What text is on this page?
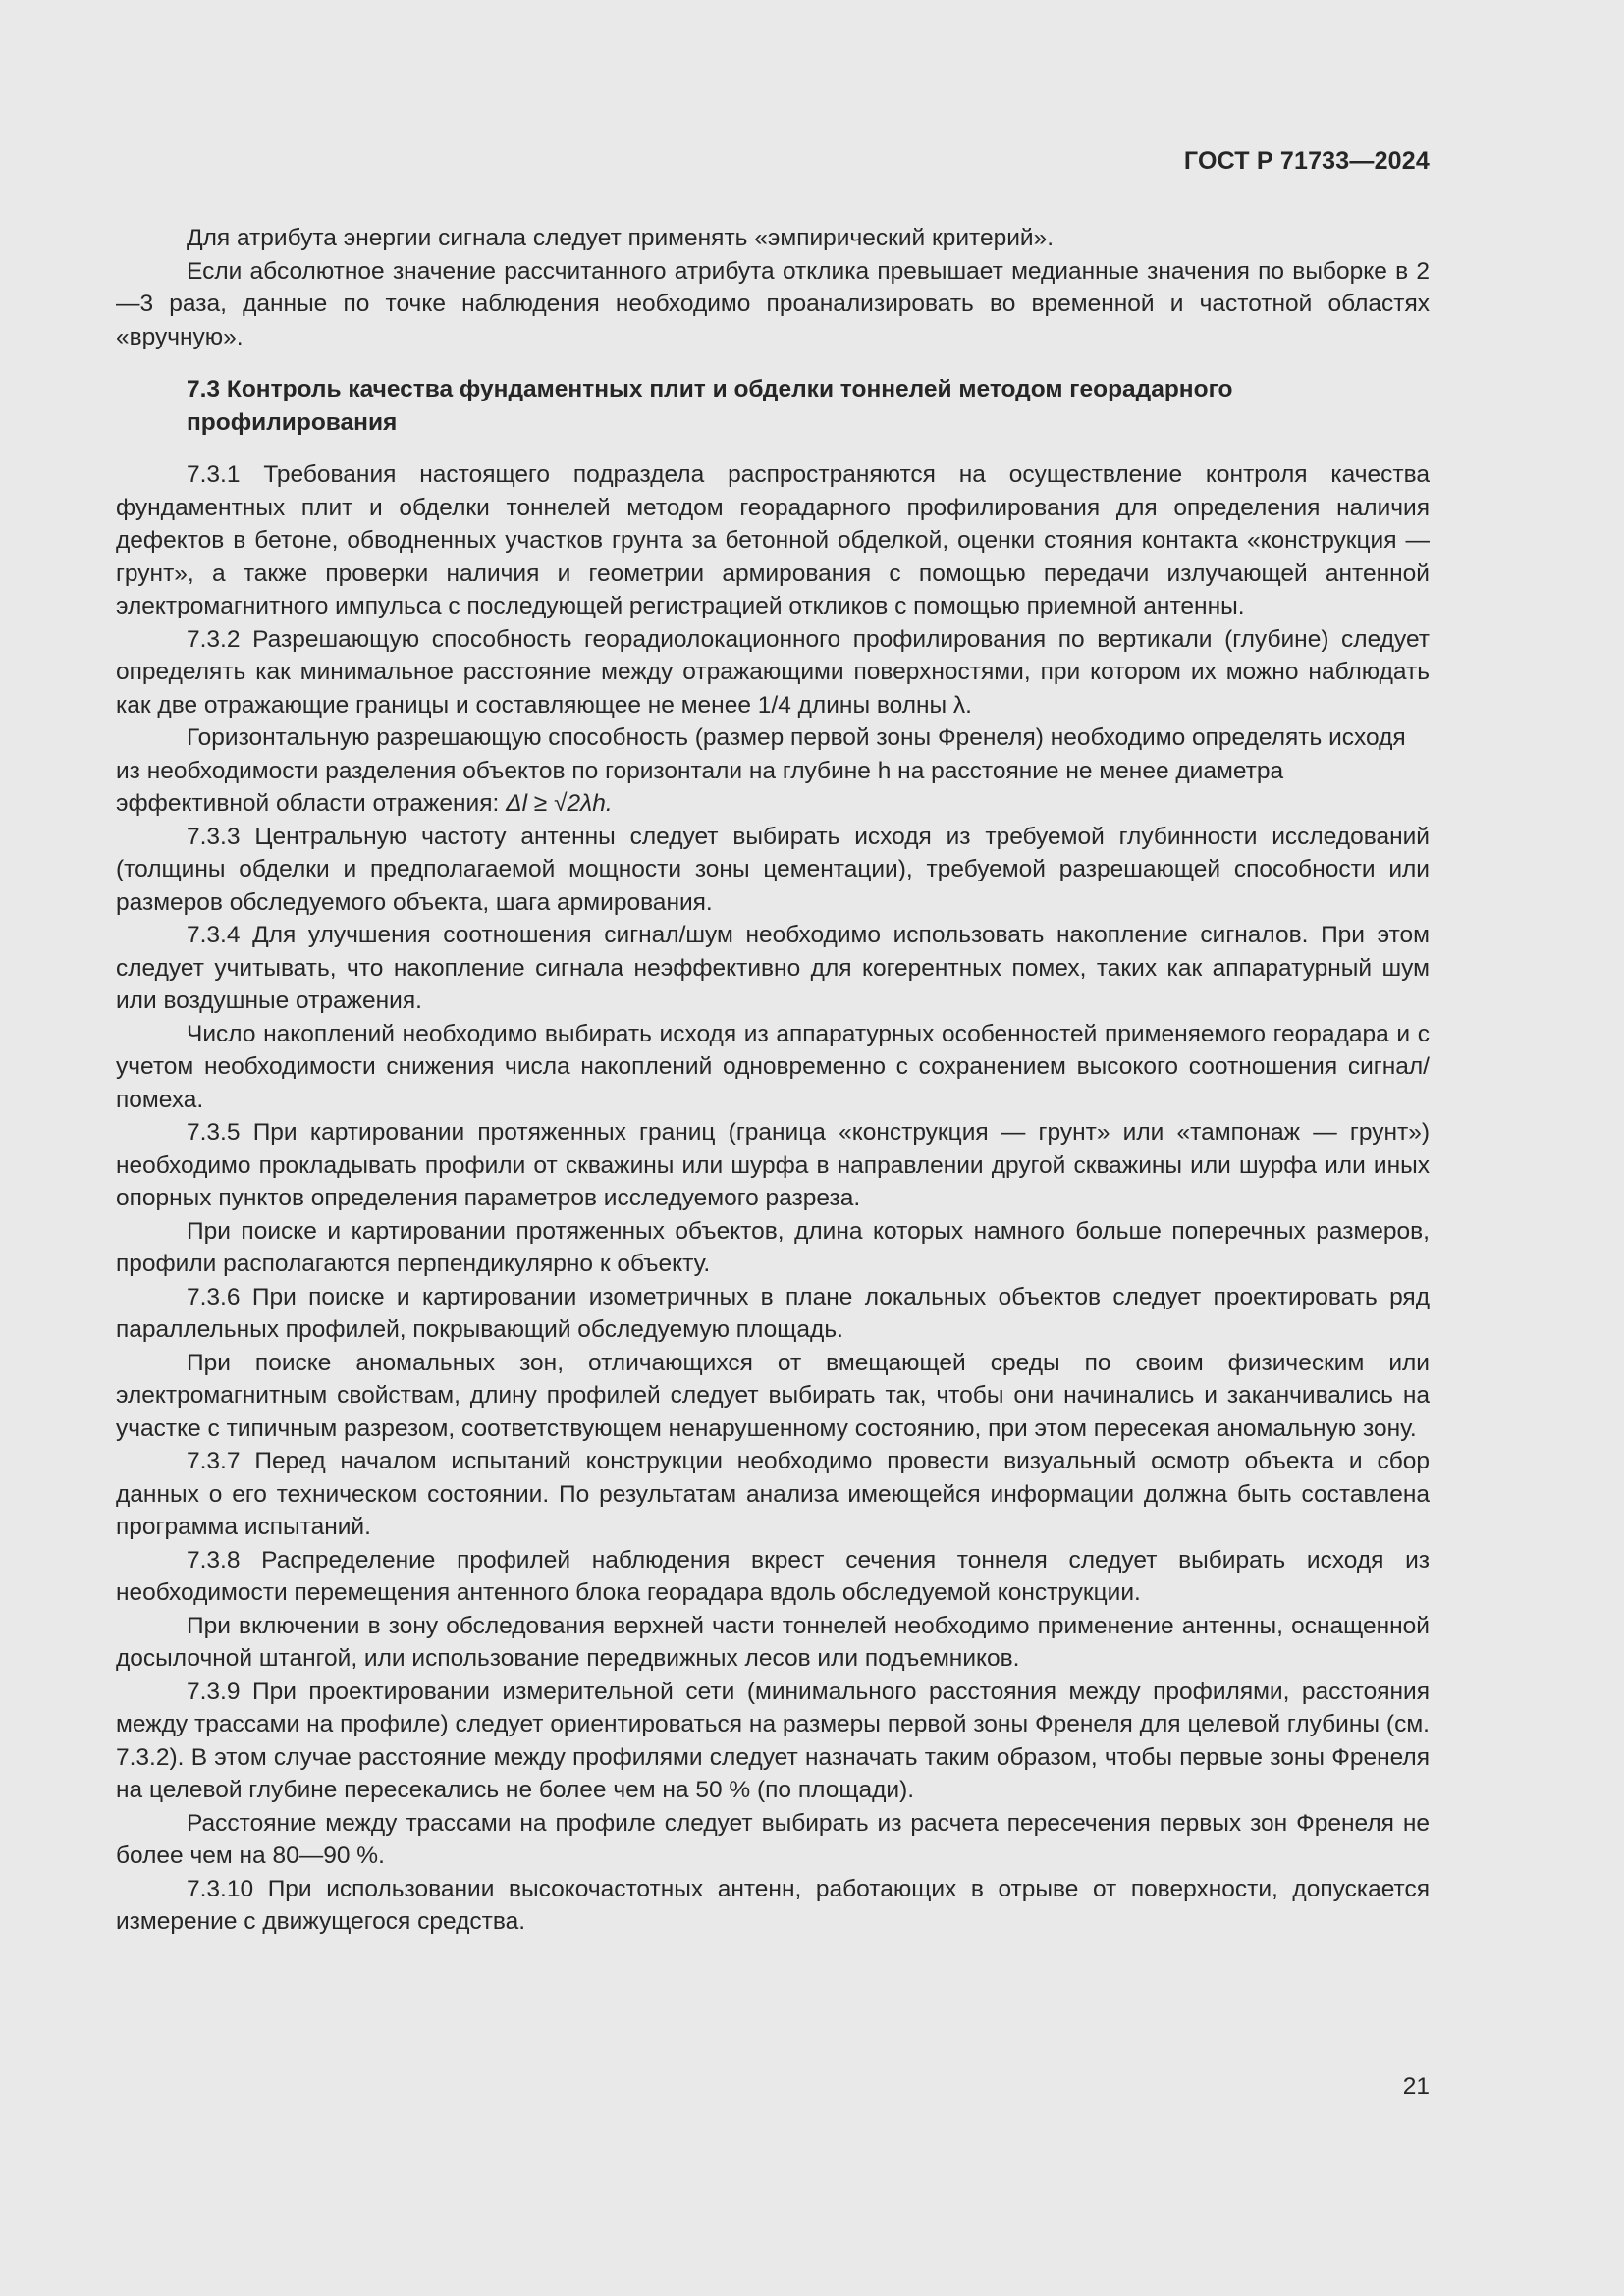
ГОСТ Р 71733—2024

Для атрибута энергии сигнала следует применять «эмпирический критерий».

Если абсолютное значение рассчитанного атрибута отклика превышает медианные значения по выборке в 2—3 раза, данные по точке наблюдения необходимо проанализировать во временной и частотной областях «вручную».

7.3 Контроль качества фундаментных плит и обделки тоннелей методом георадарного профилирования

7.3.1 Требования настоящего подраздела распространяются на осуществление контроля качества фундаментных плит и обделки тоннелей методом георадарного профилирования для определения наличия дефектов в бетоне, обводненных участков грунта за бетонной обделкой, оценки стояния контакта «конструкция — грунт», а также проверки наличия и геометрии армирования с помощью передачи излучающей антенной электромагнитного импульса с последующей регистрацией откликов с помощью приемной антенны.

7.3.2 Разрешающую способность георадиолокационного профилирования по вертикали (глубине) следует определять как минимальное расстояние между отражающими поверхностями, при котором их можно наблюдать как две отражающие границы и составляющее не менее 1/4 длины волны λ.

Горизонтальную разрешающую способность (размер первой зоны Френеля) необходимо определять исходя из необходимости разделения объектов по горизонтали на глубине h на расстояние не менее диаметра эффективной области отражения: Δl ≥ √2λh.

7.3.3 Центральную частоту антенны следует выбирать исходя из требуемой глубинности исследований (толщины обделки и предполагаемой мощности зоны цементации), требуемой разрешающей способности или размеров обследуемого объекта, шага армирования.

7.3.4 Для улучшения соотношения сигнал/шум необходимо использовать накопление сигналов. При этом следует учитывать, что накопление сигнала неэффективно для когерентных помех, таких как аппаратурный шум или воздушные отражения.

Число накоплений необходимо выбирать исходя из аппаратурных особенностей применяемого георадара и с учетом необходимости снижения числа накоплений одновременно с сохранением высокого соотношения сигнал/помеха.

7.3.5 При картировании протяженных границ (граница «конструкция — грунт» или «тампонаж — грунт») необходимо прокладывать профили от скважины или шурфа в направлении другой скважины или шурфа или иных опорных пунктов определения параметров исследуемого разреза.

При поиске и картировании протяженных объектов, длина которых намного больше поперечных размеров, профили располагаются перпендикулярно к объекту.

7.3.6 При поиске и картировании изометричных в плане локальных объектов следует проектировать ряд параллельных профилей, покрывающий обследуемую площадь.

При поиске аномальных зон, отличающихся от вмещающей среды по своим физическим или электромагнитным свойствам, длину профилей следует выбирать так, чтобы они начинались и заканчивались на участке с типичным разрезом, соответствующем ненарушенному состоянию, при этом пересекая аномальную зону.

7.3.7 Перед началом испытаний конструкции необходимо провести визуальный осмотр объекта и сбор данных о его техническом состоянии. По результатам анализа имеющейся информации должна быть составлена программа испытаний.

7.3.8 Распределение профилей наблюдения вкрест сечения тоннеля следует выбирать исходя из необходимости перемещения антенного блока георадара вдоль обследуемой конструкции.

При включении в зону обследования верхней части тоннелей необходимо применение антенны, оснащенной досылочной штангой, или использование передвижных лесов или подъемников.

7.3.9 При проектировании измерительной сети (минимального расстояния между профилями, расстояния между трассами на профиле) следует ориентироваться на размеры первой зоны Френеля для целевой глубины (см. 7.3.2). В этом случае расстояние между профилями следует назначать таким образом, чтобы первые зоны Френеля на целевой глубине пересекались не более чем на 50 % (по площади).

Расстояние между трассами на профиле следует выбирать из расчета пересечения первых зон Френеля не более чем на 80—90 %.

7.3.10 При использовании высокочастотных антенн, работающих в отрыве от поверхности, допускается измерение с движущегося средства.

21
